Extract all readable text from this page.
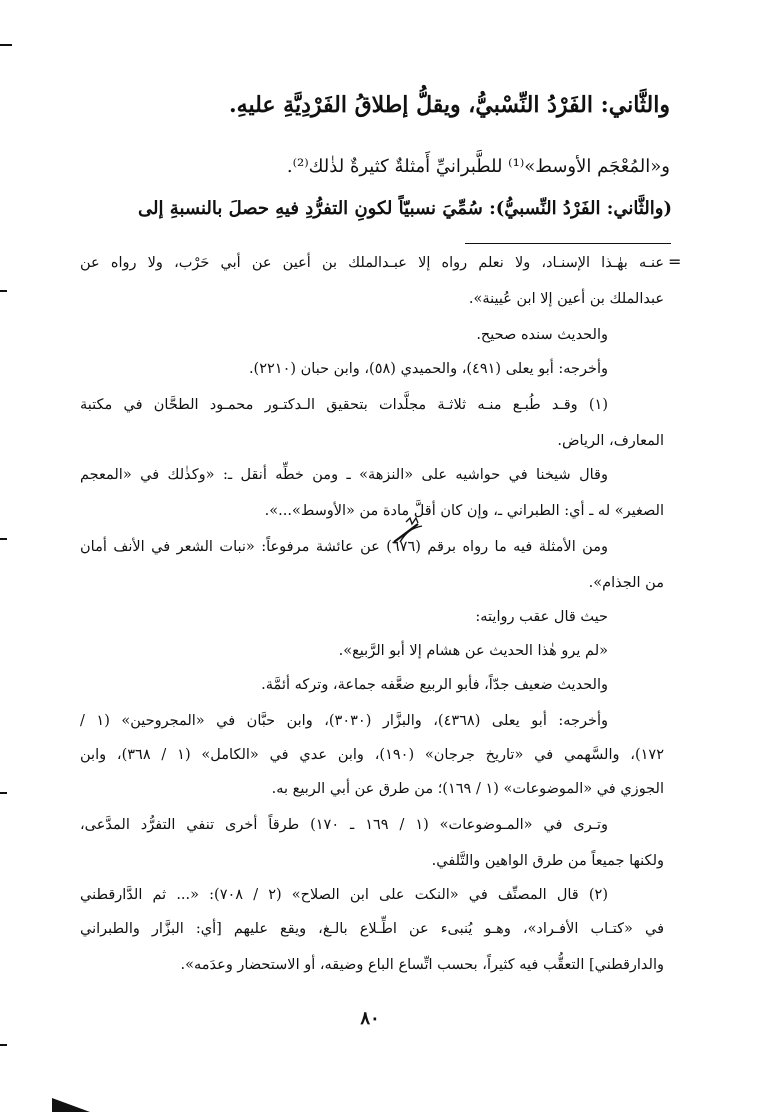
والثَّاني: الفَرْدُ النِّسْبيُّ، ويقلُّ إطلاقُ الفَرْدِيَّةِ عليهِ.
و«المُعْجَم الأوسط»⁽¹⁾ للطَّبرانيِّ أَمثلةٌ كثيرةٌ لذٰلك⁽²⁾.
(والثَّاني: الفَرْدُ النِّسبيُّ): سُمِّيَ نسبيّاً لكونِ التفرُّدِ فيهِ حصلَ بالنسبةِ إلى
=
عنـه بهٰـذا الإسنـاد، ولا نعلم رواه إلا عبـدالملك بن أعين عن أبي حَرْب، ولا رواه عن
عبدالملك بن أعين إلا ابن عُيينة».
والحديث سنده صحيح.
وأخرجه: أبو يعلى (٤٩١)، والحميدي (٥٨)، وابن حبان (٢٢١٠).
(١) وقـد طُبـع منـه ثلاثـة مجلَّدات بتحقيق الـدكتـور محمـود الطحَّان في مكتبة
المعارف، الرياض.
وقال شيخنا في حواشيه على «النزهة» ـ ومن خطِّه أنقل ـ: «وكذٰلك في «المعجم
الصغير» له ـ أي: الطبراني ـ، وإن كان أقلَّ مادة من «الأوسط»...».
ومن الأمثلة فيه ما رواه برقم (٦٧٦) عن عائشة مرفوعاً: «نبات الشعر في الأنف أمان
من الجذام».
حيث قال عقب روايته:
«لم يرو هٰذا الحديث عن هشام إلا أبو الرَّبيع».
والحديث ضعيف جدّاً، فأبو الربيع ضعَّفه جماعة، وتركه أئمَّة.
وأخرجه: أبو يعلى (٤٣٦٨)، والبزَّار (٣٠٣٠)، وابن حبَّان في «المجروحين» (١ /
١٧٢)، والسَّهمي في «تاريخ جرجان» (١٩٠)، وابن عدي في «الكامل» (١ / ٣٦٨)، وابن
الجوزي في «الموضوعات» (١ / ١٦٩)؛ من طرق عن أبي الربيع به.
وتـرى في «المـوضوعات» (١ / ١٦٩ ـ ١٧٠) طرقاً أخرى تنفي التفرُّد المدَّعى،
ولكنها جميعاً من طرق الواهين والتَّلفي.
(٢) قال المصنِّف في «النكت على ابن الصلاح» (٢ / ٧٠٨): «... ثم الدَّارقطني
في «كتـاب الأفـراد»، وهـو يُنبىء عن اطِّـلاع بالـغ، ويقع عليهم [أي: البزَّار والطبراني
والدارقطني] التعقُّب فيه كثيراً، بحسب اتِّساع الباع وضيقه، أو الاستحضار وعدَمه».
٨٠
